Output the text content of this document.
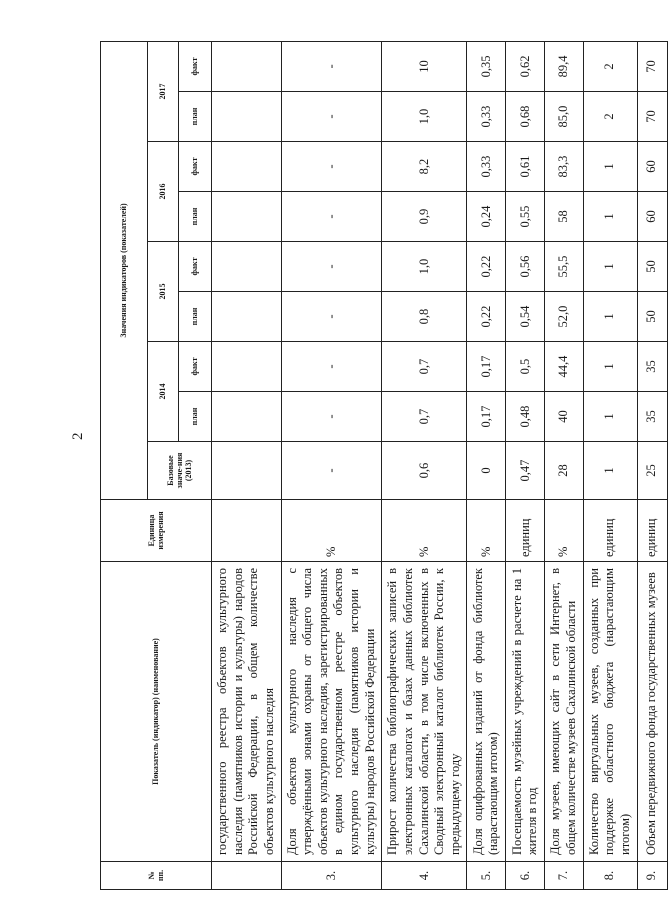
2
№ пп.	Показатель (индикатор) (наименование)	Единица измерения	Значения индикаторов (показателей)								
			Базовые значе-ния (2013)	2014		2015		2016		2017	
				план	факт	план	факт	план	факт	план	факт
	государственного реестра объектов культурного наследия (памятников истории и культуры) народов Российской Федерации, в общем количестве объектов культурного наследия										
3.	Доля объектов культурного наследия с утверждёнными зонами охраны от общего числа объектов культурного наследия, зарегистрированных в едином государственном реестре объектов культурного наследия (памятников истории и культуры) народов Российской Федерации	%	-	-	-	-	-	-	-	-	-
4.	Прирост количества библиографических записей в электронных каталогах и базах данных библиотек Сахалинской области, в том числе включенных в Сводный электронный каталог библиотек России, к предыдущему году	%	0,6	0,7	0,7	0,8	1,0	0,9	8,2	1,0	10
5.	Доля оцифрованных изданий от фонда библиотек (нарастающим итогом)	%	0	0,17	0,17	0,22	0,22	0,24	0,33	0,33	0,35
6.	Посещаемость музейных учреждений в расчете на 1 жителя в год	единиц	0,47	0,48	0,5	0,54	0,56	0,55	0,61	0,68	0,62
7.	Доля музеев, имеющих сайт в сети Интернет, в общем количестве музеев Сахалинской области	%	28	40	44,4	52,0	55,5	58	83,3	85,0	89,4
8.	Количество виртуальных музеев, созданных при поддержке областного бюджета (нарастающим итогом)	единиц	1	1	1	1	1	1	1	2	2
9.	Объем передвижного фонда государственных музеев	единиц	25	35	35	50	50	60	60	70	70
